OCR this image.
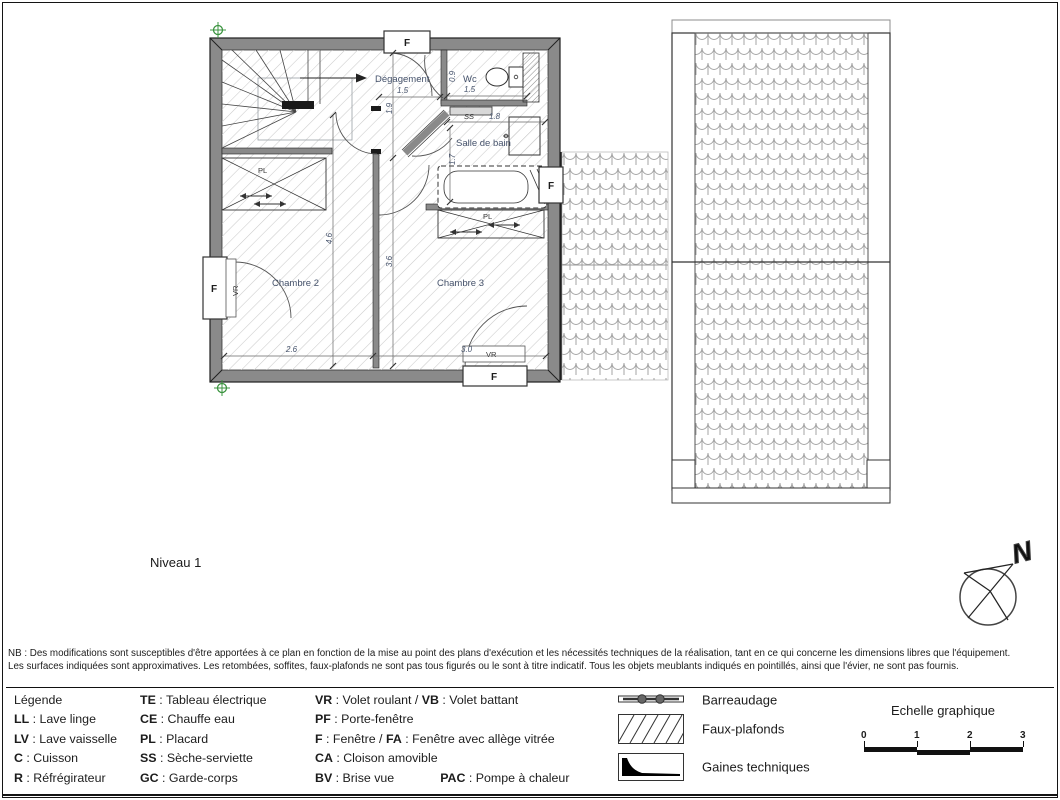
F
F
F VR
F
VR
4.6
3.6
1.9
0.9
1.7
2.6	3.0
1.5	1.5
1.8
SS
Dégagement	Wc
Salle de bain
Chambre 2	Chambre 3
PL
PL
Niveau 1	N
NB : Des modifications sont susceptibles d'être apportées à ce plan en fonction de la mise au point des plans d'exécution et les nécessités techniques de la réalisation, tant en ce qui concerne les dimensions libres que l'équipement.
Les surfaces indiquées sont approximatives. Les retombées, soffites, faux-plafonds ne sont pas tous figurés ou le sont à titre indicatif. Tous les objets meublants indiqués en pointillés, ainsi que l'évier, ne sont pas fournis.
Légende
LL : Lave linge
LV : Lave vaisselle
C : Cuisson
R : Réfrégirateur
TE : Tableau électrique
CE : Chauffe eau
PL : Placard
SS : Sèche-serviette
GC : Garde-corps
VR : Volet roulant / VB : Volet battant
PF : Porte-fenêtre
F : Fenêtre / FA : Fenêtre avec allège vitrée
CA : Cloison amovible
BV : Brise vue	PAC : Pompe à chaleur
Barreaudage
Faux-plafonds
Gaines techniques
Echelle graphique
0	1	2	3
